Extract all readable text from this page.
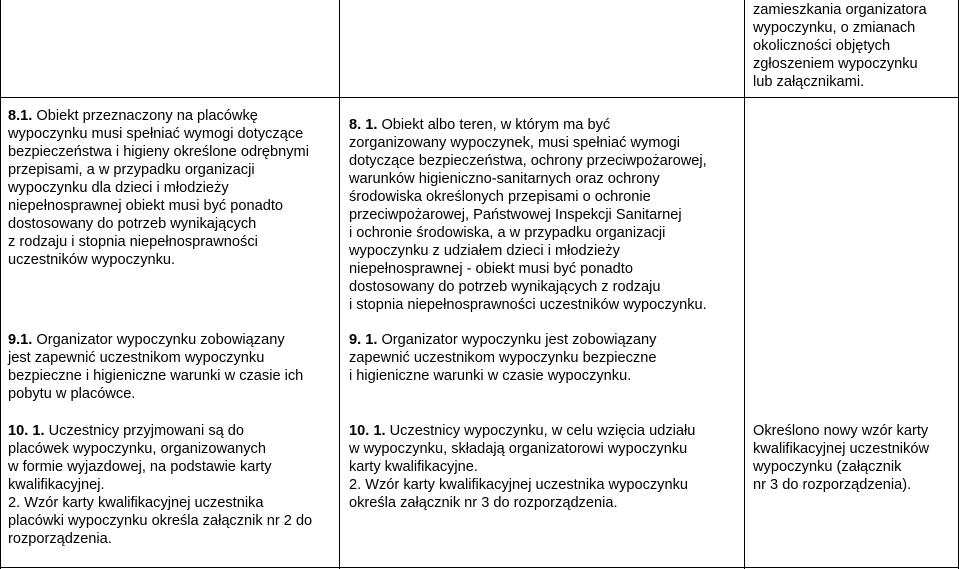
zamieszkania organizatora
wypoczynku, o zmianach
okoliczności objętych
zgłoszeniem wypoczynku
lub załącznikami.

8.1. Obiekt przeznaczony na placówkę
wypoczynku musi spełniać wymogi dotyczące
bezpieczeństwa i higieny określone odrębnymi
przepisami, a w przypadku organizacji
wypoczynku dla dzieci i młodzieży
niepełnosprawnej obiekt musi być ponadto
dostosowany do potrzeb wynikających
z rodzaju i stopnia niepełnosprawności
uczestników wypoczynku.

8. 1. Obiekt albo teren, w którym ma być
zorganizowany wypoczynek, musi spełniać wymogi
dotyczące bezpieczeństwa, ochrony przeciwpożarowej,
warunków higieniczno-sanitarnych oraz ochrony
środowiska określonych przepisami o ochronie
przeciwpożarowej, Państwowej Inspekcji Sanitarnej
i ochronie środowiska, a w przypadku organizacji
wypoczynku z udziałem dzieci i młodzieży
niepełnosprawnej - obiekt musi być ponadto
dostosowany do potrzeb wynikających z rodzaju
i stopnia niepełnosprawności uczestników wypoczynku.

9.1. Organizator wypoczynku zobowiązany
jest zapewnić uczestnikom wypoczynku
bezpieczne i higieniczne warunki w czasie ich
pobytu w placówce.

9. 1. Organizator wypoczynku jest zobowiązany
zapewnić uczestnikom wypoczynku bezpieczne
i higieniczne warunki w czasie wypoczynku.

10. 1. Uczestnicy przyjmowani są do
placówek wypoczynku, organizowanych
w formie wyjazdowej, na podstawie karty
kwalifikacyjnej.
2. Wzór karty kwalifikacyjnej uczestnika
placówki wypoczynku określa załącznik nr 2 do
rozporządzenia.

10. 1. Uczestnicy wypoczynku, w celu wzięcia udziału
w wypoczynku, składają organizatorowi wypoczynku
karty kwalifikacyjne.
2. Wzór karty kwalifikacyjnej uczestnika wypoczynku
określa załącznik nr 3 do rozporządzenia.

Określono nowy wzór karty
kwalifikacyjnej uczestników
wypoczynku (załącznik
nr 3 do rozporządzenia).
